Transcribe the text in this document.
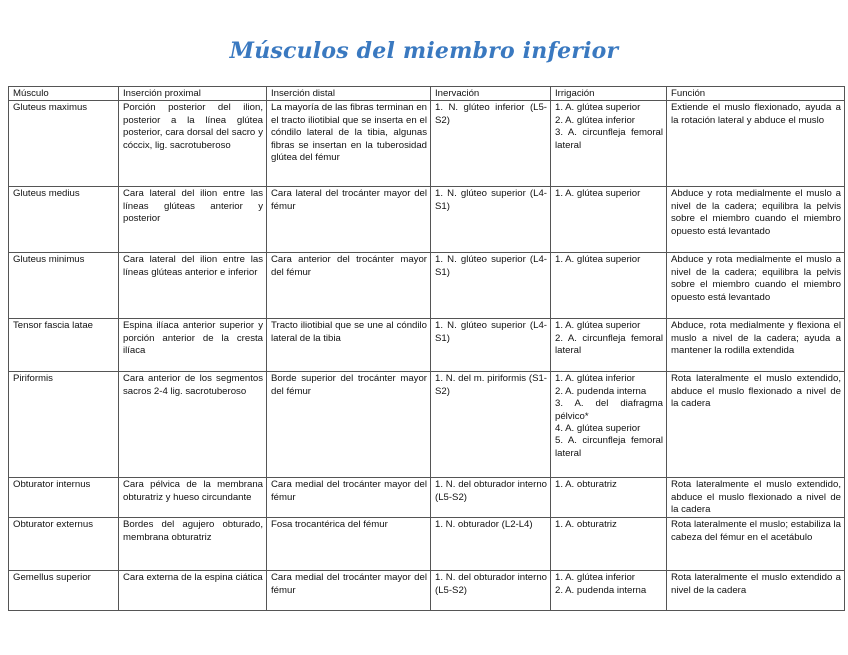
Músculos del miembro inferior
Músculo	Inserción proximal	Inserción distal	Inervación	Irrigación	Función
Gluteus maximus	Porción posterior del ilion, posterior a la línea glútea posterior, cara dorsal del sacro y cóccix, lig. sacrotuberoso	La mayoría de las fibras terminan en el tracto iliotibial que se inserta en el cóndilo lateral de la tibia, algunas fibras se insertan en la tuberosidad glútea del fémur	1. N. glúteo inferior (L5-S2)	1. A. glútea superior
2. A. glútea inferior
3. A. circunfleja femoral lateral	Extiende el muslo flexionado, ayuda a la rotación lateral y abduce el muslo
Gluteus medius	Cara lateral del ilion entre las líneas glúteas anterior y posterior	Cara lateral del trocánter mayor del fémur	1. N. glúteo superior (L4-S1)	1. A. glútea superior	Abduce y rota medialmente el muslo a nivel de la cadera; equilibra la pelvis sobre el miembro cuando el miembro opuesto está levantado
Gluteus minimus	Cara lateral del ilion entre las líneas glúteas anterior e inferior	Cara anterior del trocánter mayor del fémur	1. N. glúteo superior (L4-S1)	1. A. glútea superior	Abduce y rota medialmente el muslo a nivel de la cadera; equilibra la pelvis sobre el miembro cuando el miembro opuesto está levantado
Tensor fascia latae	Espina ilíaca anterior superior y porción anterior de la cresta ilíaca	Tracto iliotibial que se une al cóndilo lateral de la tibia	1. N. glúteo superior (L4-S1)	1. A. glútea superior
2. A. circunfleja femoral lateral	Abduce, rota medialmente y flexiona el muslo a nivel de la cadera; ayuda a mantener la rodilla extendida
Piriformis	Cara anterior de los segmentos sacros 2-4 lig. sacrotuberoso	Borde superior del trocánter mayor del fémur	1. N. del m. piriformis (S1-S2)	1. A. glútea inferior
2. A. pudenda interna
3. A. del diafragma pélvico*
4. A. glútea superior
5. A. circunfleja femoral lateral	Rota lateralmente el muslo extendido, abduce el muslo flexionado a nivel de la cadera
Obturator internus	Cara pélvica de la membrana obturatriz y hueso circundante	Cara medial del trocánter mayor del fémur	1. N. del obturador interno (L5-S2)	1. A. obturatriz	Rota lateralmente el muslo extendido, abduce el muslo flexionado a nivel de la cadera
Obturator externus	Bordes del agujero obturado, membrana obturatriz	Fosa trocantérica del fémur	1. N. obturador (L2-L4)	1. A. obturatriz	Rota lateralmente el muslo; estabiliza la cabeza del fémur en el acetábulo
Gemellus superior	Cara externa de la espina ciática	Cara medial del trocánter mayor del fémur	1. N. del obturador interno (L5-S2)	1. A. glútea inferior
2. A. pudenda interna	Rota lateralmente el muslo extendido a nivel de la cadera
